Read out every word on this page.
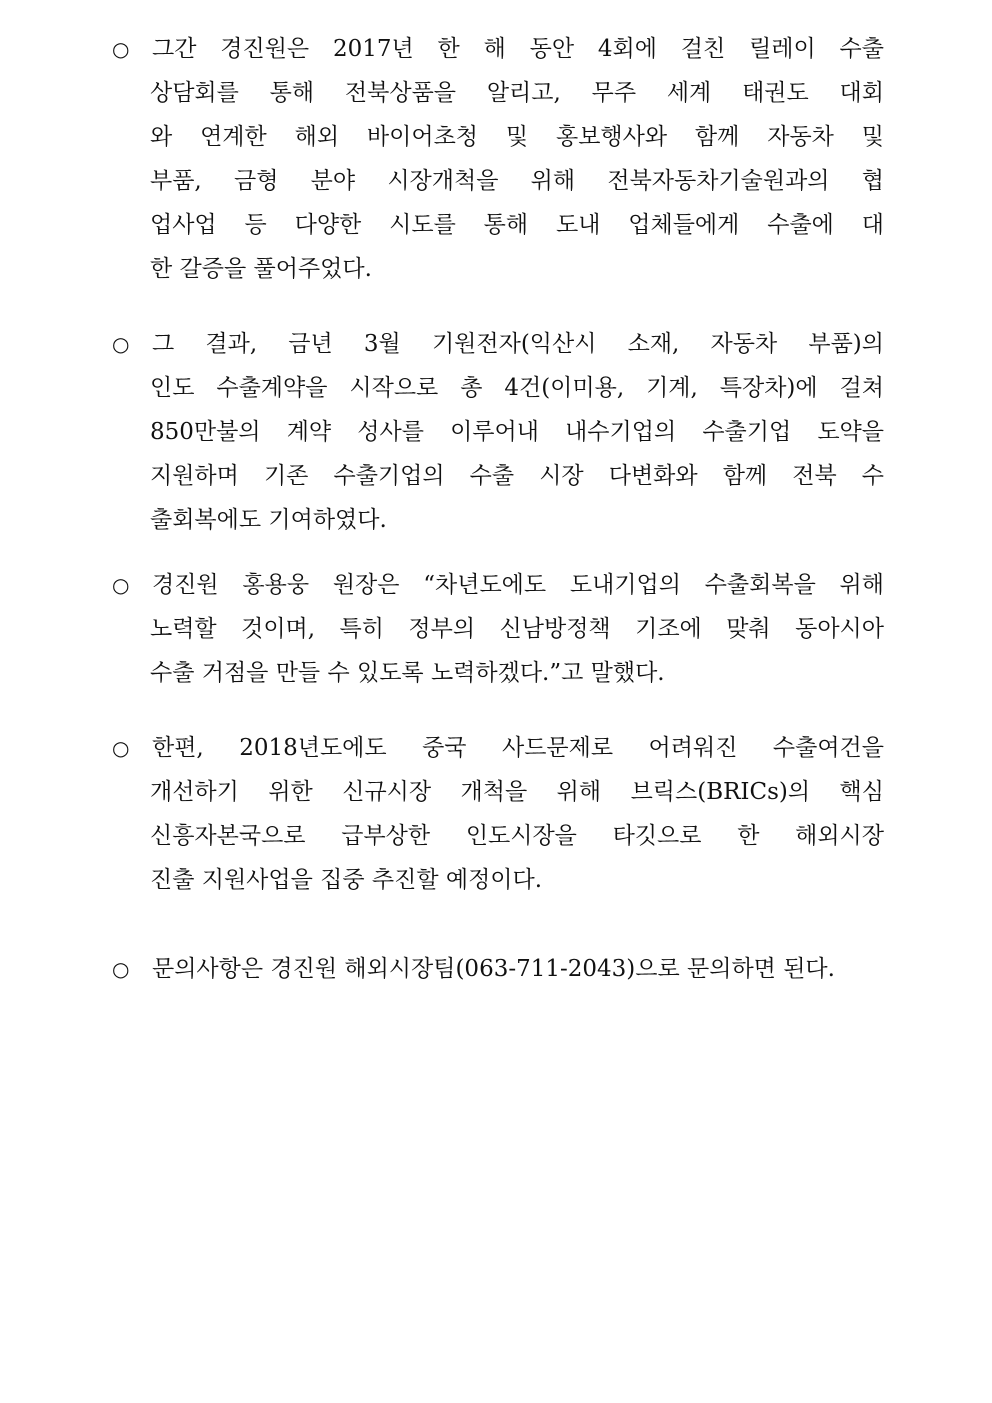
○ 그간 경진원은 2017년 한 해 동안 4회에 걸친 릴레이 수출
상담회를 통해 전북상품을 알리고, 무주 세계 태권도 대회
와 연계한 해외 바이어초청 및 홍보행사와 함께 자동차 및
부품, 금형 분야 시장개척을 위해 전북자동차기술원과의 협
업사업 등 다양한 시도를 통해 도내 업체들에게 수출에 대
한 갈증을 풀어주었다.
○ 그 결과, 금년 3월 기원전자(익산시 소재, 자동차 부품)의
인도 수출계약을 시작으로 총 4건(이미용, 기계, 특장차)에 걸쳐
850만불의 계약 성사를 이루어내 내수기업의 수출기업 도약을
지원하며 기존 수출기업의 수출 시장 다변화와 함께 전북 수
출회복에도 기여하였다.
○ 경진원 홍용웅 원장은 “차년도에도 도내기업의 수출회복을 위해
노력할 것이며, 특히 정부의 신남방정책 기조에 맞춰 동아시아
수출 거점을 만들 수 있도록 노력하겠다.”고 말했다.
○ 한편, 2018년도에도 중국 사드문제로 어려워진 수출여건을
개선하기 위한 신규시장 개척을 위해 브릭스(BRICs)의 핵심
신흥자본국으로 급부상한 인도시장을 타깃으로 한 해외시장
진출 지원사업을 집중 추진할 예정이다.
○ 문의사항은 경진원 해외시장팀(063-711-2043)으로 문의하면 된다.
